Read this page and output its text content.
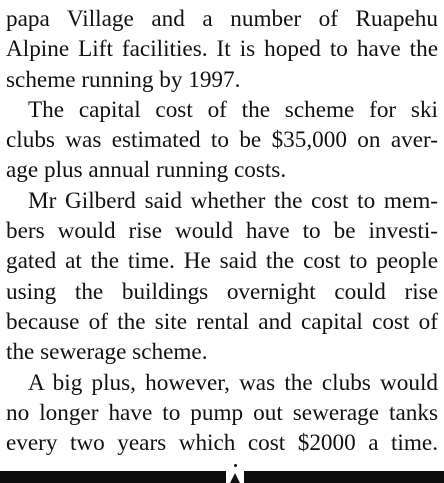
papa Village and a number of Ruapehu
Alpine Lift facilities. It is hoped to have the
scheme running by 1997.

The capital cost of the scheme for ski
clubs was estimated to be $35,000 on aver-
age plus annual running costs.

Mr Gilberd said whether the cost to mem-
bers would rise would have to be investi-
gated at the time. He said the cost to people
using the buildings overnight could rise
because of the site rental and capital cost of
the sewerage scheme.

A big plus, however, was the clubs would
no longer have to pump out sewerage tanks
every two years which cost $2000 a time.
